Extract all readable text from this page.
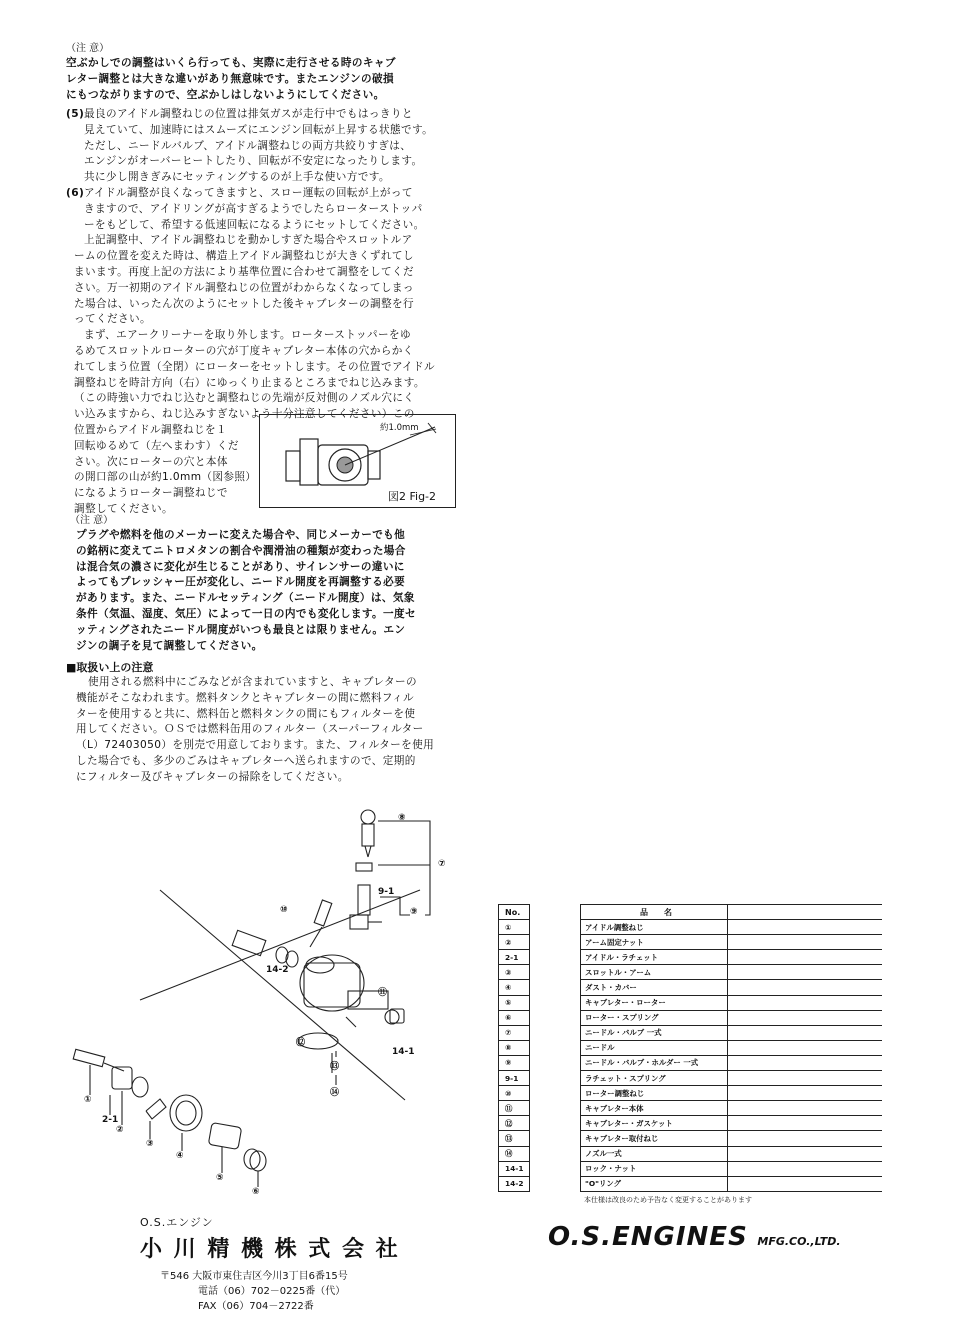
（注 意）
空ぶかしでの調整はいくら行っても、実際に走行させる時のキャブ
レター調整とは大きな違いがあり無意味です。またエンジンの破損
にもつながりますので、空ぶかしはしないようにしてください。
(5) 最良のアイドル調整ねじの位置は排気ガスが走行中でもはっきりと
見えていて、加速時にはスムーズにエンジン回転が上昇する状態です。
ただし、ニードルバルブ、アイドル調整ねじの両方共絞りすぎは、
エンジンがオーバーヒートしたり、回転が不安定になったりします。
共に少し開きぎみにセッティングするのが上手な使い方です。
(6) アイドル調整が良くなってきますと、スロー運転の回転が上がって
きますので、アイドリングが高すぎるようでしたらローターストッパ
ーをもどして、希望する低速回転になるようにセットしてください。
上記調整中、アイドル調整ねじを動かしすぎた場合やスロットルア
ームの位置を変えた時は、構造上アイドル調整ねじが大きくずれてし
まいます。再度上記の方法により基準位置に合わせて調整をしてくだ
さい。万一初期のアイドル調整ねじの位置がわからなくなってしまっ
た場合は、いったん次のようにセットした後キャブレターの調整を行
ってください。
まず、エアークリーナーを取り外します。ローターストッパーをゆ
るめてスロットルローターの穴が丁度キャブレター本体の穴からかく
れてしまう位置（全閉）にローターをセットします。その位置でアイドル
調整ねじを時計方向（右）にゆっくり止まるところまでねじ込みます。
（この時強い力でねじ込むと調整ねじの先端が反対側のノズル穴にく
い込みますから、ねじ込みすぎないよう十分注意してください）この
位置からアイドル調整ねじを１
回転ゆるめて（左へまわす）くだ
さい。次にローターの穴と本体
の開口部の山が約1.0mm（図参照）
になるようローター調整ねじで
調整してください。
約1.0mm
図2 Fig-2
（注 意）
プラグや燃料を他のメーカーに変えた場合や、同じメーカーでも他
の銘柄に変えてニトロメタンの割合や潤滑油の種類が変わった場合
は混合気の濃さに変化が生じることがあり、サイレンサーの違いに
よってもプレッシャー圧が変化し、ニードル開度を再調整する必要
があります。また、ニードルセッティング（ニードル開度）は、気象
条件（気温、湿度、気圧）によって一日の内でも変化します。一度セ
ッティングされたニードル開度がいつも最良とは限りません。エン
ジンの調子を見て調整してください。
■取扱い上の注意
使用される燃料中にごみなどが含まれていますと、キャブレターの
機能がそこなわれます。燃料タンクとキャブレターの間に燃料フィル
ターを使用すると共に、燃料缶と燃料タンクの間にもフィルターを使
用してください。ＯＳでは燃料缶用のフィルター（スーパーフィルター
（L）72403050）を別売で用意しております。また、フィルターを使用
した場合でも、多少のごみはキャブレターへ送られますので、定期的
にフィルター及びキャブレターの掃除をしてください。
⑧
⑦
9-1
⑨
⑩
14-2
⑪
⑫
14-1
⑬
⑭
①
2-1
②
③
④
⑤
⑥
No.		品　　名	
①		アイドル調整ねじ	
②		アーム固定ナット	
2-1		アイドル・ラチェット	
③		スロットル・アーム	
④		ダスト・カバー	
⑤		キャブレター・ローター	
⑥		ローター・スプリング	
⑦		ニードル・バルブ 一式	
⑧		ニードル	
⑨		ニードル・バルブ・ホルダー 一式	
9-1		ラチェット・スプリング	
⑩		ローター調整ねじ	
⑪		キャブレター本体	
⑫		キャブレター・ガスケット	
⑬		キャブレター取付ねじ	
⑭		ノズル一式	
14-1		ロック・ナット	
14-2		"O"リング	
本仕様は改良のため予告なく変更することがあります
O.S.エンジン
小 川 精 機 株 式 会 社
〒546 大阪市東住吉区今川3丁目6番15号
電話（06）702－0225番（代）
FAX（06）704－2722番
O.S.ENGINES MFG.CO.,LTD.
